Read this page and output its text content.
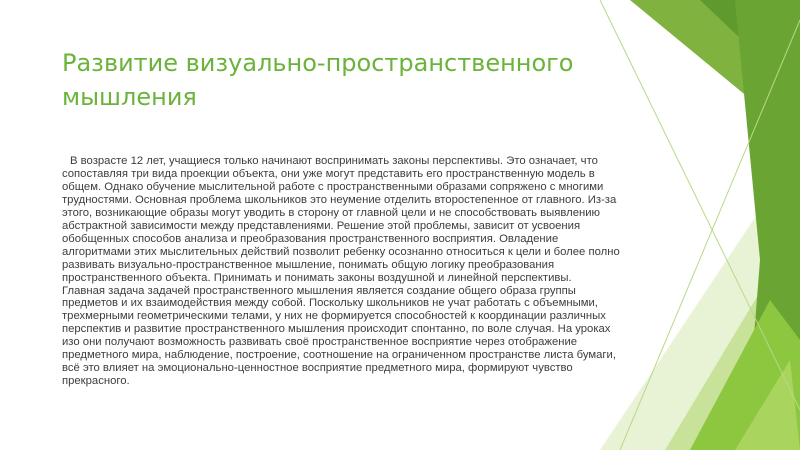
Развитие визуально-пространственного мышления

В возрасте 12 лет, учащиеся только начинают воспринимать законы перспективы. Это означает, что сопоставляя три вида проекции объекта, они уже могут представить его пространственную модель в общем. Однако обучение мыслительной работе с пространственными образами сопряжено с многими трудностями. Основная проблема школьников это неумение отделить второстепенное от главного. Из-за этого, возникающие образы могут уводить в сторону от главной цели и не способствовать выявлению абстрактной зависимости между представлениями. Решение этой проблемы, зависит от усвоения обобщенных способов анализа и преобразования пространственного восприятия. Овладение алгоритмами этих мыслительных действий позволит ребенку осознанно относиться к цели и более полно развивать визуально-пространственное мышление, понимать общую логику преобразования пространственного объекта. Принимать и понимать законы воздушной и линейной перспективы.

Главная задача задачей пространственного мышления является создание общего образа группы предметов и их взаимодействия между собой. Поскольку школьников не учат работать с объемными, трехмерными геометрическими телами, у них не формируется способностей к координации различных перспектив и развитие пространственного мышления происходит спонтанно, по воле случая. На уроках изо они получают возможность развивать своё пространственное восприятие через отображение предметного мира, наблюдение, построение, соотношение на ограниченном пространстве листа бумаги, всё это влияет на эмоционально-ценностное восприятие предметного мира, формируют чувство прекрасного.
